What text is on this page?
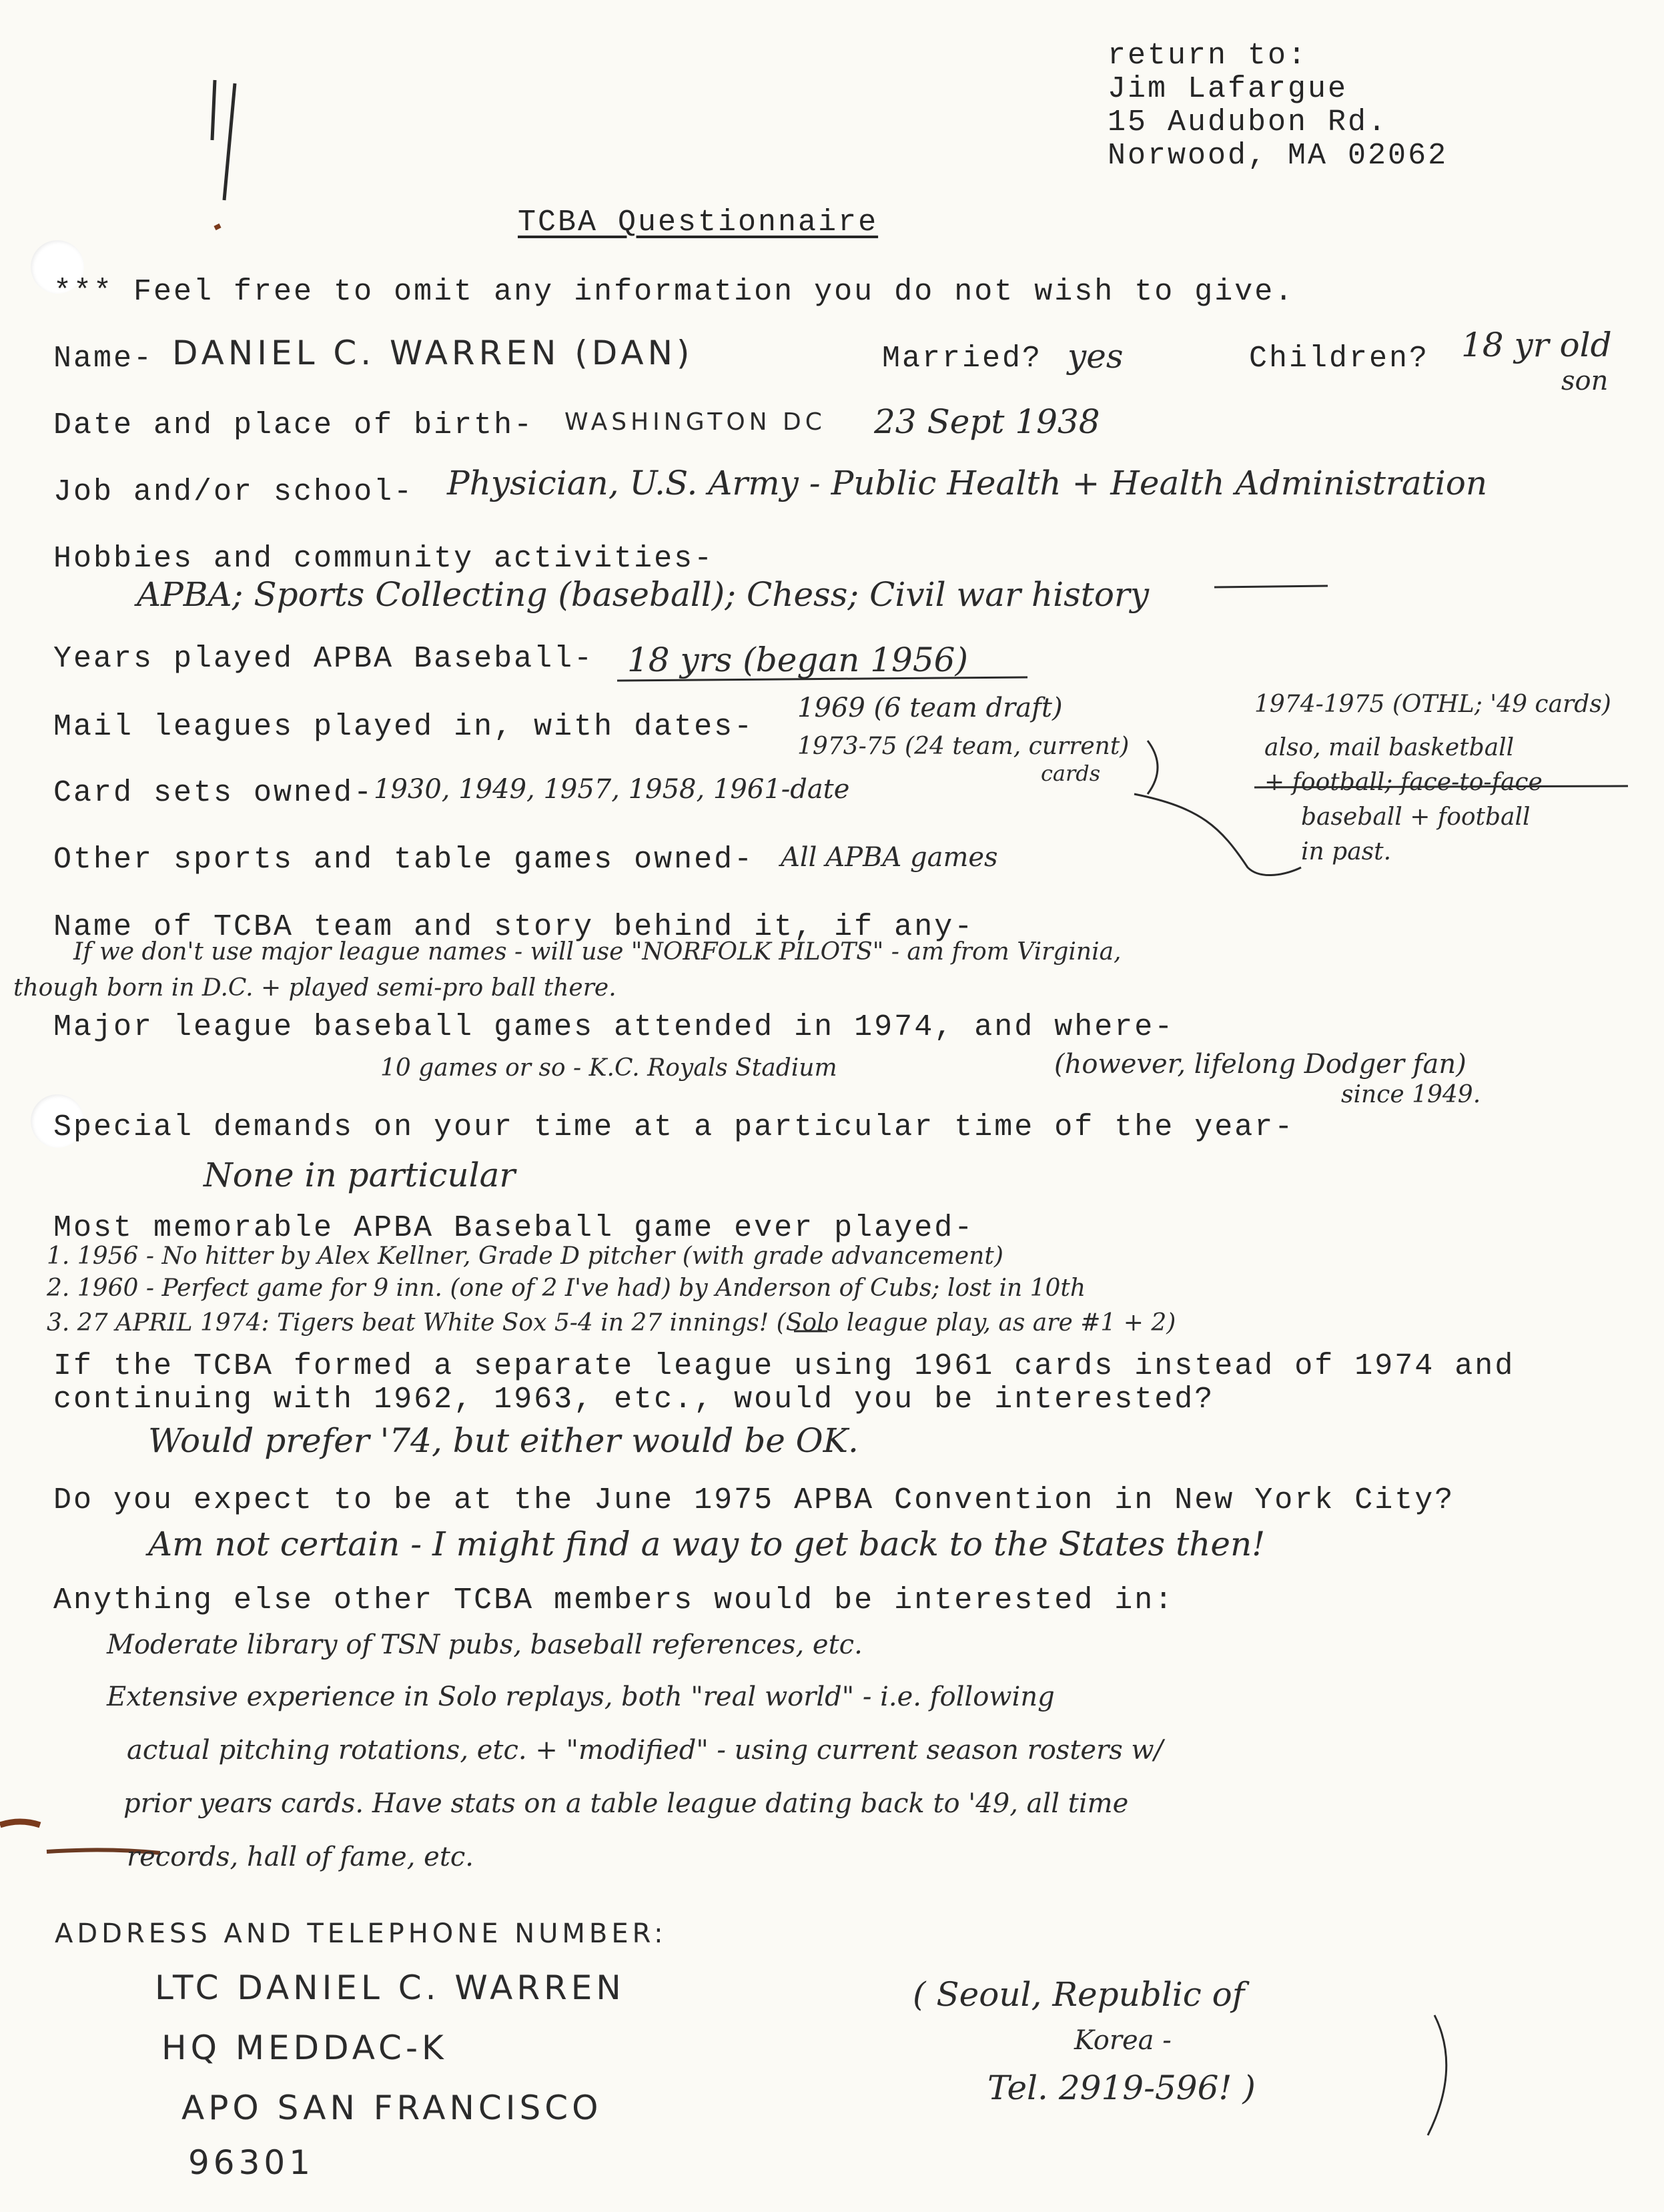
return to:
Jim Lafargue
15 Audubon Rd.
Norwood, MA 02062
TCBA Questionnaire
*** Feel free to omit any information you do not wish to give.
Name- DANIEL C. WARREN (DAN)	Married? yes	Children? 18 yr old
son
Date and place of birth- WASHINGTON DC 23 Sept 1938
Job and/or school- Physician, U.S. Army - Public Health + Health Administration
Hobbies and community activities-
APBA; Sports Collecting (baseball); Chess; Civil war history
Years played APBA Baseball- 18 yrs (began 1956)
Mail leagues played in, with dates-
1969 (6 team draft)
1973-75 (24 team, current)
cards
1974-1975 (OTHL; '49 cards)
also, mail basketball
+ football; face-to-face
baseball + football
in past.
Card sets owned- 1930, 1949, 1957, 1958, 1961-date
Other sports and table games owned- All APBA games
Name of TCBA team and story behind it, if any-
If we don't use major league names - will use "NORFOLK PILOTS" - am from Virginia,
though born in D.C. + played semi-pro ball there.
Major league baseball games attended in 1974, and where-
10 games or so - K.C. Royals Stadium	(however, lifelong Dodger fan)
since 1949.
Special demands on your time at a particular time of the year-
None in particular
Most memorable APBA Baseball game ever played-
1. 1956 - No hitter by Alex Kellner, Grade D pitcher (with grade advancement)
2. 1960 - Perfect game for 9 inn. (one of 2 I've had) by Anderson of Cubs; lost in 10th
3. 27 APRIL 1974: Tigers beat White Sox 5-4 in 27 innings! (Solo league play, as are #1 + 2)
If the TCBA formed a separate league using 1961 cards instead of 1974 and
continuing with 1962, 1963, etc., would you be interested?
Would prefer '74, but either would be OK.
Do you expect to be at the June 1975 APBA Convention in New York City?
Am not certain - I might find a way to get back to the States then!
Anything else other TCBA members would be interested in:
Moderate library of TSN pubs, baseball references, etc.
Extensive experience in Solo replays, both "real world" - i.e. following
actual pitching rotations, etc. + "modified" - using current season rosters w/
prior years cards. Have stats on a table league dating back to '49, all time
records, hall of fame, etc.
ADDRESS AND TELEPHONE NUMBER:
LTC DANIEL C. WARREN
HQ MEDDAC-K
APO SAN FRANCISCO
96301
( Seoul, Republic of
Korea -
Tel. 2919-596! )
